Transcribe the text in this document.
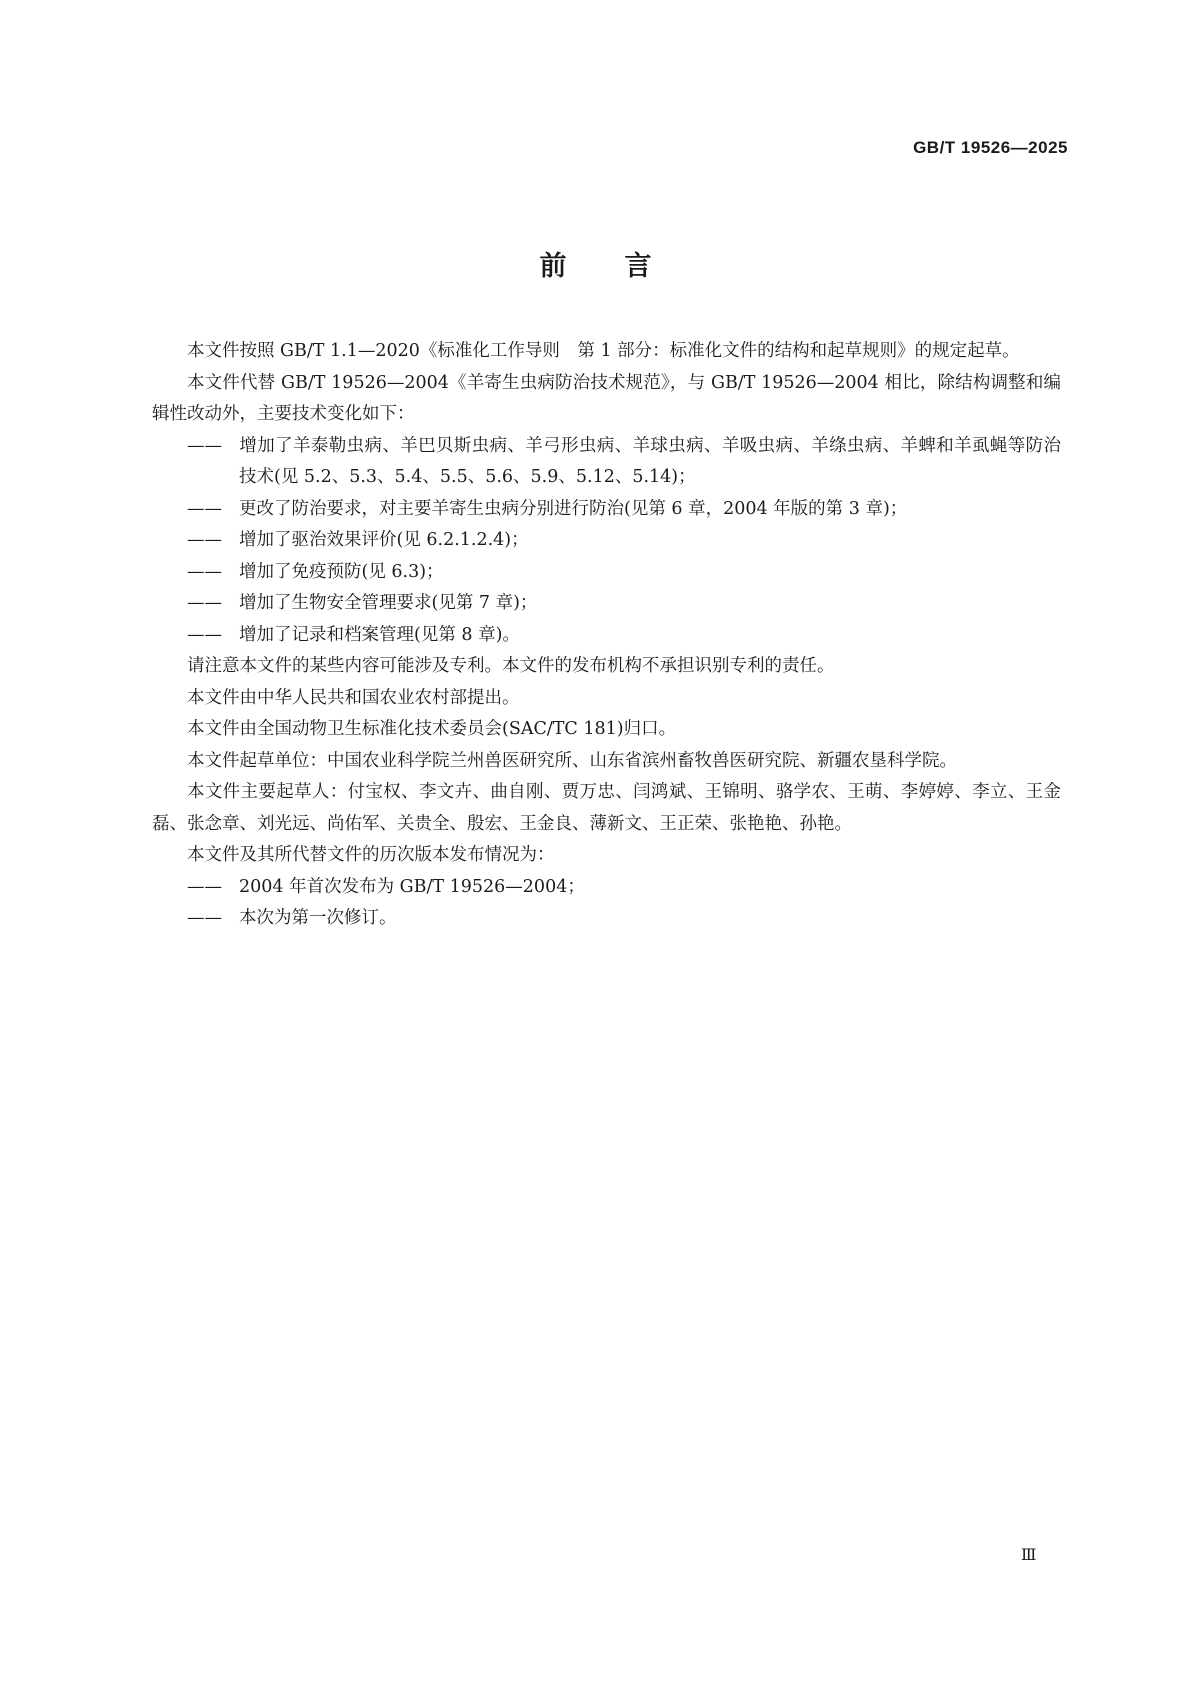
GB/T 19526—2025
前言

本文件按照 GB/T 1.1—2020《标准化工作导则　第 1 部分：标准化文件的结构和起草规则》的规定起草。

本文件代替 GB/T 19526—2004《羊寄生虫病防治技术规范》，与 GB/T 19526—2004 相比，除结构调整和编辑性改动外，主要技术变化如下：

—— 增加了羊泰勒虫病、羊巴贝斯虫病、羊弓形虫病、羊球虫病、羊吸虫病、羊绦虫病、羊蜱和羊虱蝇等防治技术(见 5.2、5.3、5.4、5.5、5.6、5.9、5.12、5.14)；

—— 更改了防治要求，对主要羊寄生虫病分别进行防治(见第 6 章，2004 年版的第 3 章)；

—— 增加了驱治效果评价(见 6.2.1.2.4)；

—— 增加了免疫预防(见 6.3)；

—— 增加了生物安全管理要求(见第 7 章)；

—— 增加了记录和档案管理(见第 8 章)。

请注意本文件的某些内容可能涉及专利。本文件的发布机构不承担识别专利的责任。

本文件由中华人民共和国农业农村部提出。

本文件由全国动物卫生标准化技术委员会(SAC/TC 181)归口。

本文件起草单位：中国农业科学院兰州兽医研究所、山东省滨州畜牧兽医研究院、新疆农垦科学院。

本文件主要起草人：付宝权、李文卉、曲自刚、贾万忠、闫鸿斌、王锦明、骆学农、王萌、李婷婷、李立、王金磊、张念章、刘光远、尚佑军、关贵全、殷宏、王金良、薄新文、王正荣、张艳艳、孙艳。

本文件及其所代替文件的历次版本发布情况为：

—— 2004 年首次发布为 GB/T 19526—2004；

—— 本次为第一次修订。

Ⅲ
